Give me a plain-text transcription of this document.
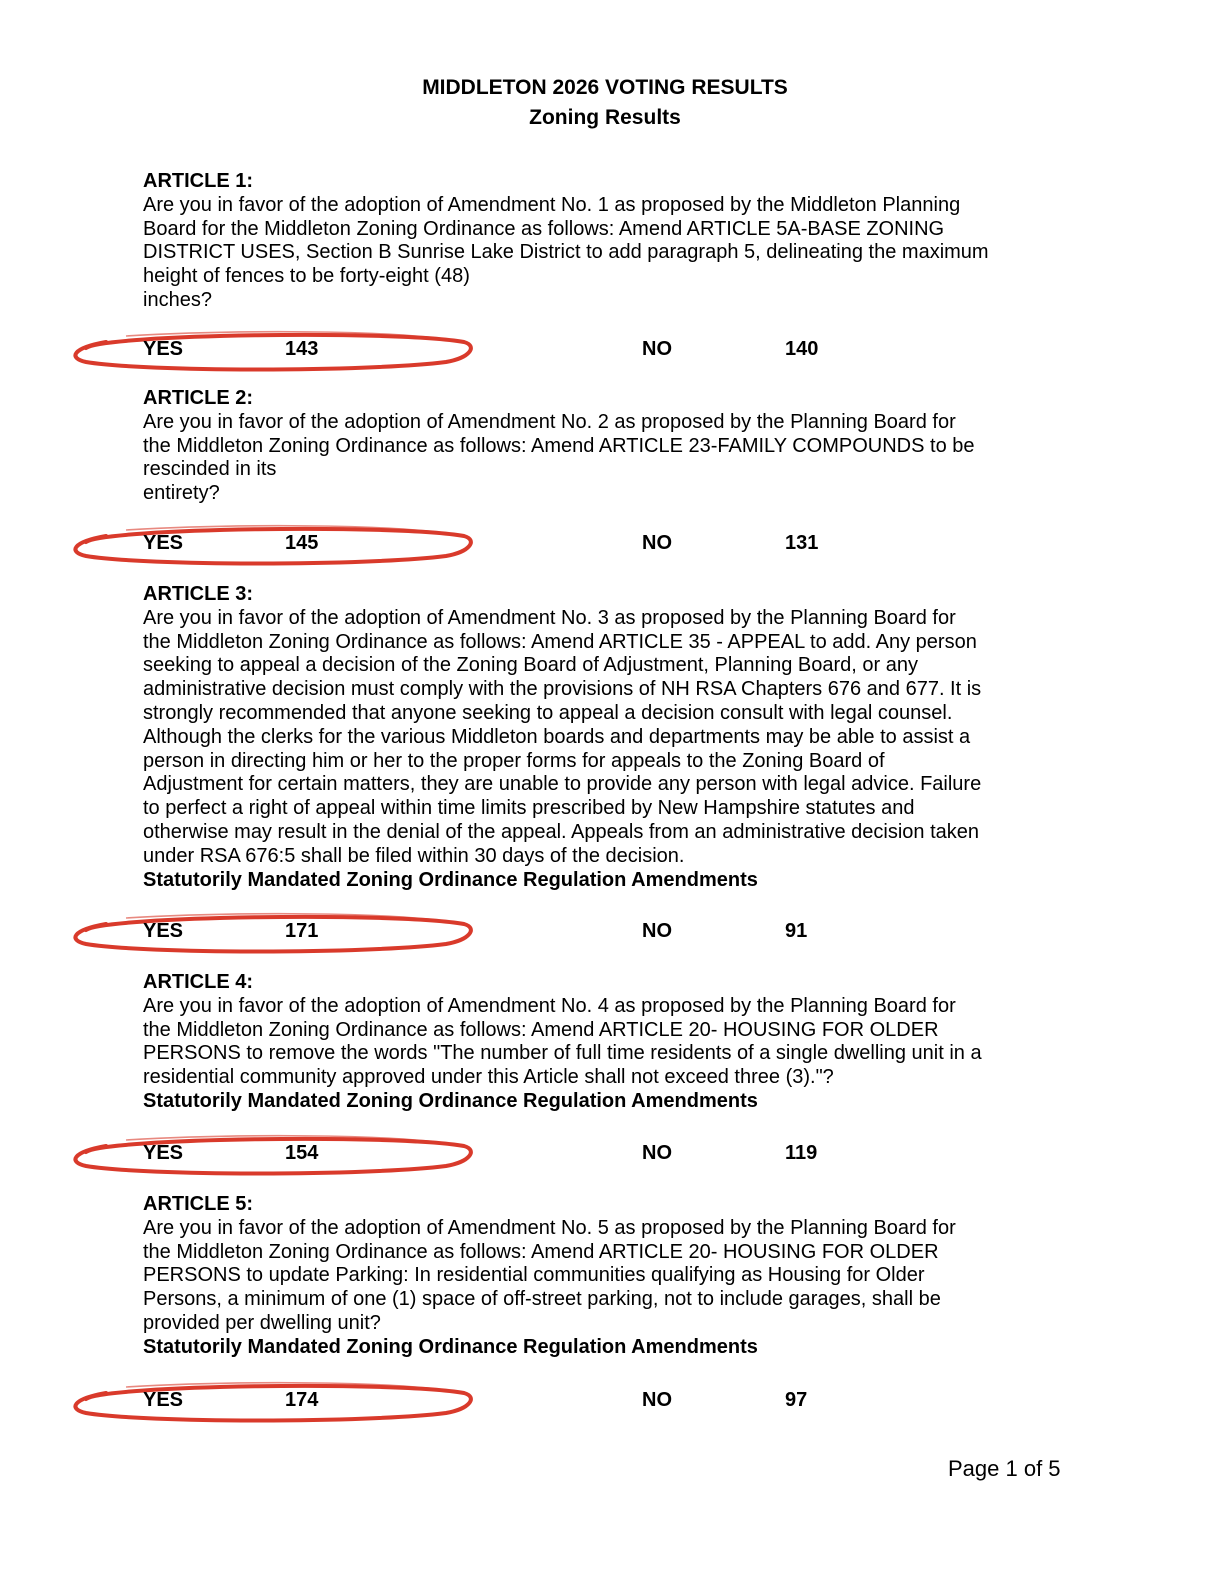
MIDDLETON 2026 VOTING RESULTS
Zoning Results
ARTICLE 1:
Are you in favor of the adoption of Amendment No. 1 as proposed by the Middleton Planning
Board for the Middleton Zoning Ordinance as follows: Amend ARTICLE 5A-BASE ZONING
DISTRICT USES, Section B Sunrise Lake District to add paragraph 5, delineating the maximum
height of fences to be forty-eight (48)
inches?
YES	143	NO	140
ARTICLE 2:
Are you in favor of the adoption of Amendment No. 2 as proposed by the Planning Board for
the Middleton Zoning Ordinance as follows: Amend ARTICLE 23-FAMILY COMPOUNDS to be
rescinded in its
entirety?
YES	145	NO	131
ARTICLE 3:
Are you in favor of the adoption of Amendment No. 3 as proposed by the Planning Board for
the Middleton Zoning Ordinance as follows: Amend ARTICLE 35 - APPEAL to add. Any person
seeking to appeal a decision of the Zoning Board of Adjustment, Planning Board, or any
administrative decision must comply with the provisions of NH RSA Chapters 676 and 677. It is
strongly recommended that anyone seeking to appeal a decision consult with legal counsel.
Although the clerks for the various Middleton boards and departments may be able to assist a
person in directing him or her to the proper forms for appeals to the Zoning Board of
Adjustment for certain matters, they are unable to provide any person with legal advice. Failure
to perfect a right of appeal within time limits prescribed by New Hampshire statutes and
otherwise may result in the denial of the appeal. Appeals from an administrative decision taken
under RSA 676:5 shall be filed within 30 days of the decision.
Statutorily Mandated Zoning Ordinance Regulation Amendments
YES	171	NO	91
ARTICLE 4:
Are you in favor of the adoption of Amendment No. 4 as proposed by the Planning Board for
the Middleton Zoning Ordinance as follows: Amend ARTICLE 20- HOUSING FOR OLDER
PERSONS to remove the words "The number of full time residents of a single dwelling unit in a
residential community approved under this Article shall not exceed three (3)."?
Statutorily Mandated Zoning Ordinance Regulation Amendments
YES	154	NO	119
ARTICLE 5:
Are you in favor of the adoption of Amendment No. 5 as proposed by the Planning Board for
the Middleton Zoning Ordinance as follows: Amend ARTICLE 20- HOUSING FOR OLDER
PERSONS to update Parking: In residential communities qualifying as Housing for Older
Persons, a minimum of one (1) space of off-street parking, not to include garages, shall be
provided per dwelling unit?
Statutorily Mandated Zoning Ordinance Regulation Amendments
YES	174	NO	97
Page 1 of 5
